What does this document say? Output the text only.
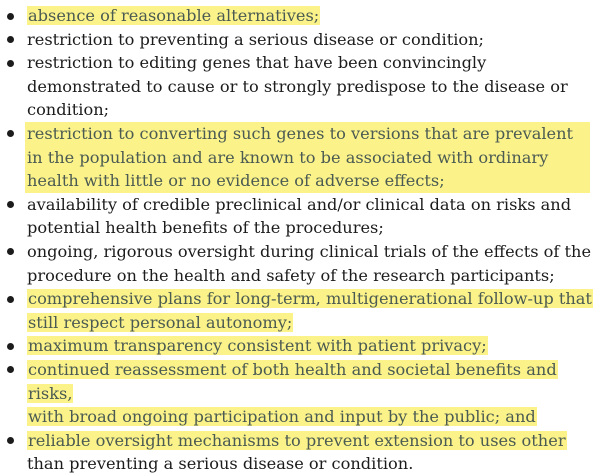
absence of reasonable alternatives;
restriction to preventing a serious disease or condition;
restriction to editing genes that have been convincingly demonstrated to cause or to strongly predispose to the disease or condition;
restriction to converting such genes to versions that are prevalent in the population and are known to be associated with ordinary health with little or no evidence of adverse effects;
availability of credible preclinical and/or clinical data on risks and potential health benefits of the procedures;
ongoing, rigorous oversight during clinical trials of the effects of the procedure on the health and safety of the research participants;
comprehensive plans for long-term, multigenerational follow-up that still respect personal autonomy;
maximum transparency consistent with patient privacy;
continued reassessment of both health and societal benefits and risks,
with broad ongoing participation and input by the public; and
reliable oversight mechanisms to prevent extension to uses other
than preventing a serious disease or condition.
